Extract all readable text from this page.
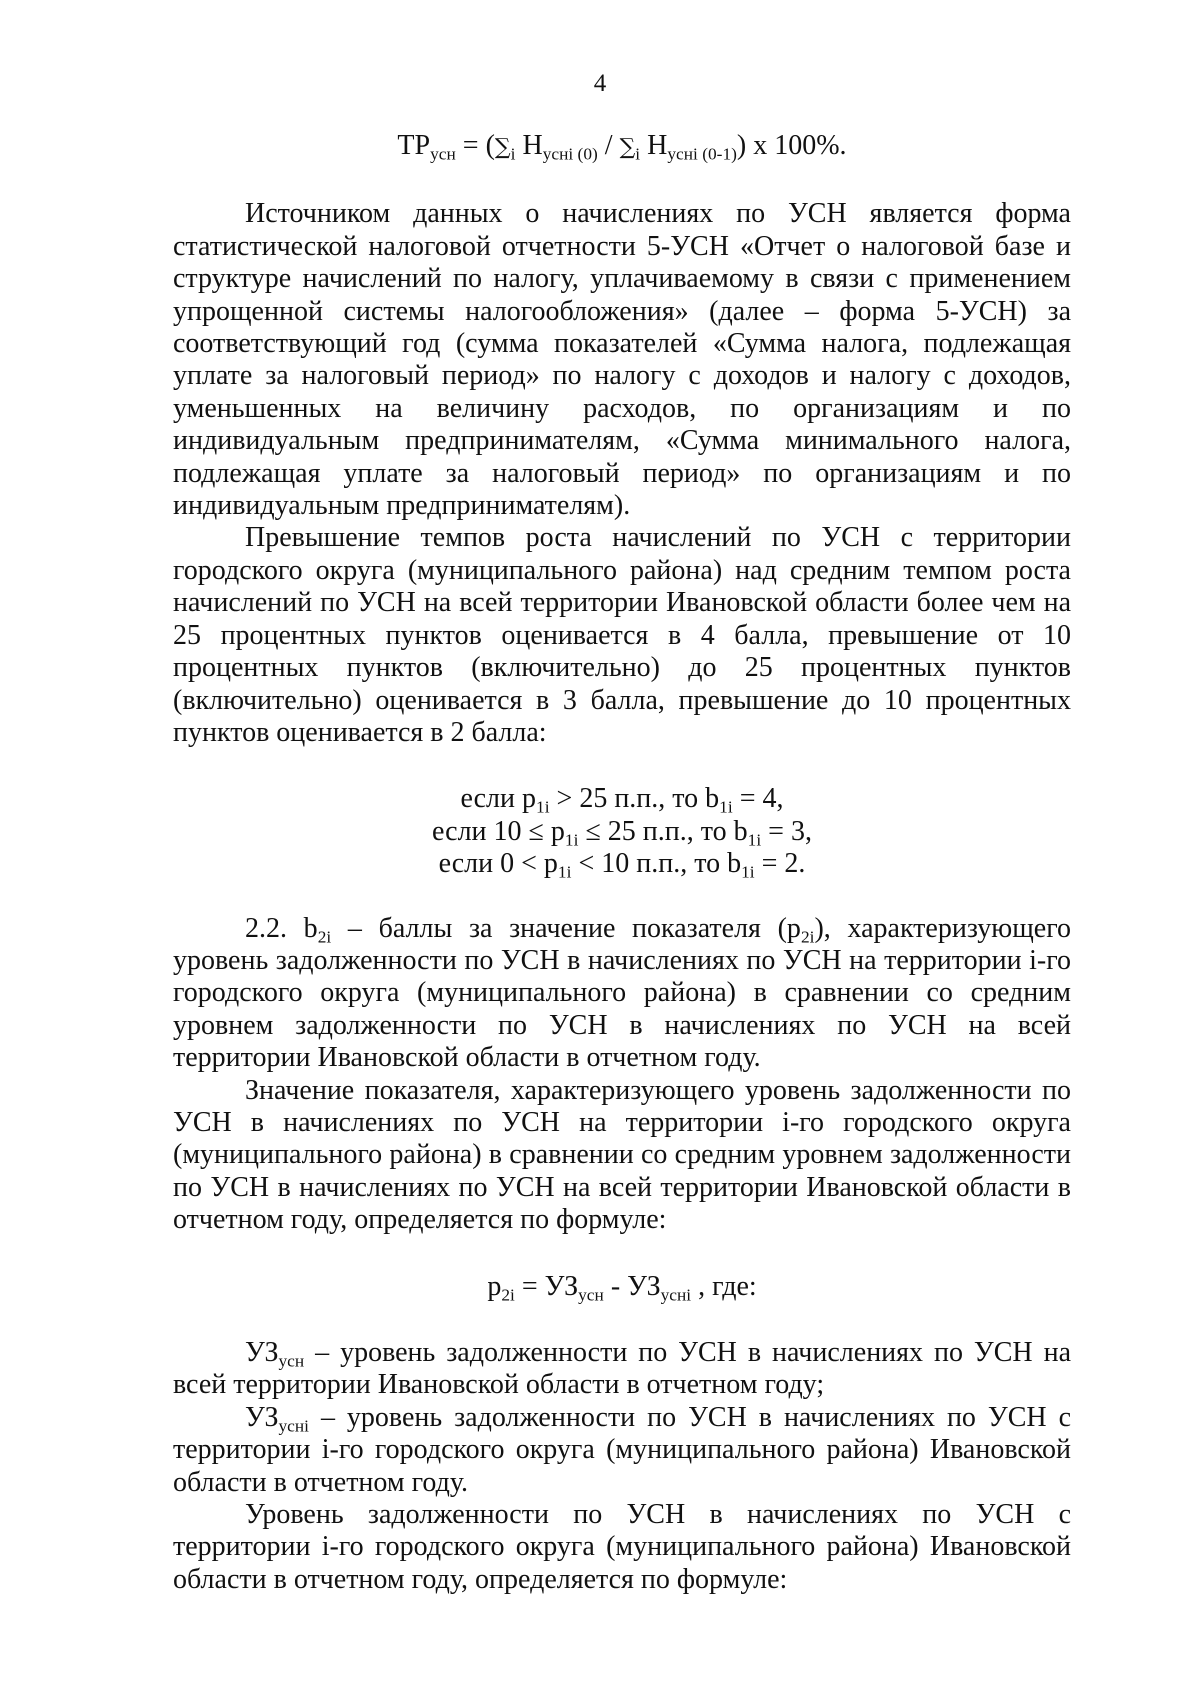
4

$ТР_{усн} = (\sum_i$ $Н_{усні (0)} / \sum_i$ $Н_{усні (0-1)}$) х 100%.

Источником данных о начислениях по УСН является форма статистической налоговой отчетности 5-УСН «Отчет о налоговой базе и структуре начислений по налогу, уплачиваемому в связи с применением упрощенной системы налогообложения» (далее – форма 5-УСН) за соответствующий год (сумма показателей «Сумма налога, подлежащая уплате за налоговый период» по налогу с доходов и налогу с доходов, уменьшенных на величину расходов, по организациям и по индивидуальным предпринимателям, «Сумма минимального налога, подлежащая уплате за налоговый период» по организациям и по индивидуальным предпринимателям).

Превышение темпов роста начислений по УСН с территории городского округа (муниципального района) над средним темпом роста начислений по УСН на всей территории Ивановской области более чем на 25 процентных пунктов оценивается в 4 балла, превышение от 10 процентных пунктов (включительно) до 25 процентных пунктов (включительно) оценивается в 3 балла, превышение до 10 процентных пунктов оценивается в 2 балла:

если $p_{1i} > 25$ п.п., то $b_{1i} = 4$,

если $10 \le p_{1i} \le 25$ п.п., то $b_{1i} = 3$,

если $0 < p_{1i} < 10$ п.п., то $b_{1i} = 2$.

2.2. $b_{2i}$ – баллы за значение показателя $(p_{2i})$, характеризующего уровень задолженности по УСН в начислениях по УСН на территории i-го городского округа (муниципального района) в сравнении со средним уровнем задолженности по УСН в начислениях по УСН на всей территории Ивановской области в отчетном году.

Значение показателя, характеризующего уровень задолженности по УСН в начислениях по УСН на территории i-го городского округа (муниципального района) в сравнении со средним уровнем задолженности по УСН в начислениях по УСН на всей территории Ивановской области в отчетном году, определяется по формуле:

$p_{2i} = УЗ_{усн} - УЗ_{усні}$ , где:

$УЗ_{усн}$ – уровень задолженности по УСН в начислениях по УСН на всей территории Ивановской области в отчетном году;

$УЗ_{усні}$ – уровень задолженности по УСН в начислениях по УСН с территории i-го городского округа (муниципального района) Ивановской области в отчетном году.

Уровень задолженности по УСН в начислениях по УСН с территории i-го городского округа (муниципального района) Ивановской области в отчетном году, определяется по формуле:
